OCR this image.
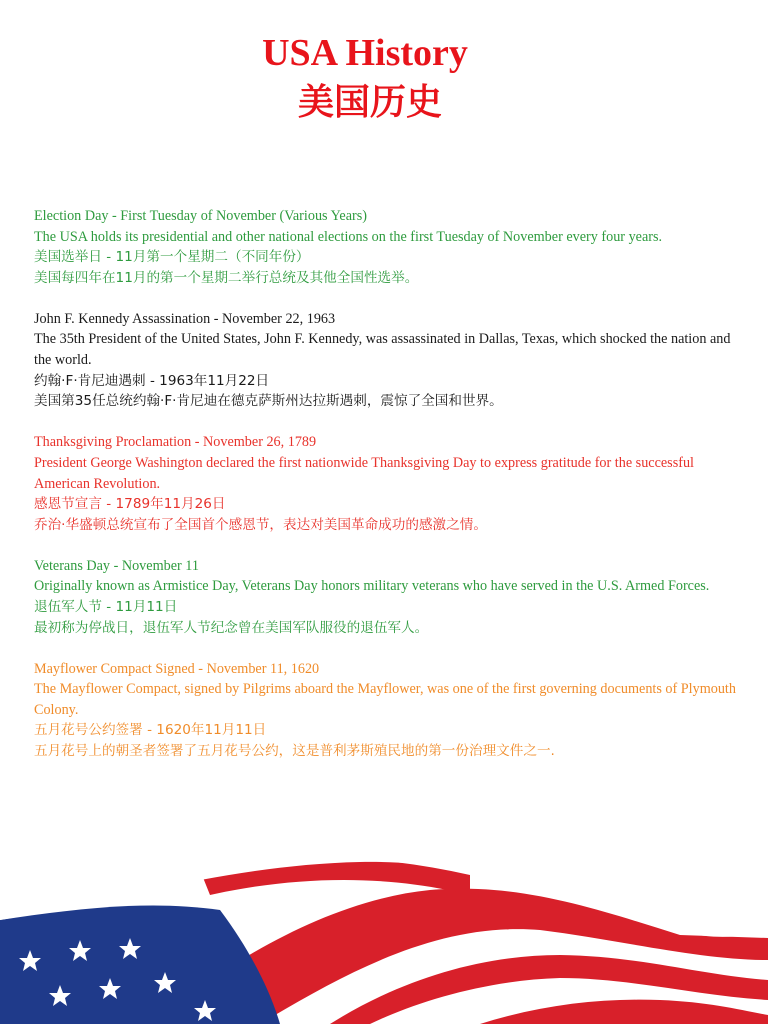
USA History
美国历史

Election Day - First Tuesday of November (Various Years)

The USA holds its presidential and other national elections on the first Tuesday of November every four years.

美国选举日 - 11月第一个星期二（不同年份）

美国每四年在11月的第一个星期二举行总统及其他全国性选举。

John F. Kennedy Assassination - November 22, 1963

The 35th President of the United States, John F. Kennedy, was assassinated in Dallas, Texas, which shocked the nation and the world.

约翰·F·肯尼迪遇刺 - 1963年11月22日

美国第35任总统约翰·F·肯尼迪在德克萨斯州达拉斯遇刺，震惊了全国和世界。

Thanksgiving Proclamation - November 26, 1789

President George Washington declared the first nationwide Thanksgiving Day to express gratitude for the successful American Revolution.

感恩节宣言 - 1789年11月26日

乔治·华盛顿总统宣布了全国首个感恩节，表达对美国革命成功的感激之情。

Veterans Day - November 11

Originally known as Armistice Day, Veterans Day honors military veterans who have served in the U.S. Armed Forces.

退伍军人节 - 11月11日

最初称为停战日，退伍军人节纪念曾在美国军队服役的退伍军人。

Mayflower Compact Signed - November 11, 1620

The Mayflower Compact, signed by Pilgrims aboard the Mayflower, was one of the first governing documents of Plymouth Colony.

五月花号公约签署 - 1620年11月11日

五月花号上的朝圣者签署了五月花号公约，这是普利茅斯殖民地的第一份治理文件之一.
